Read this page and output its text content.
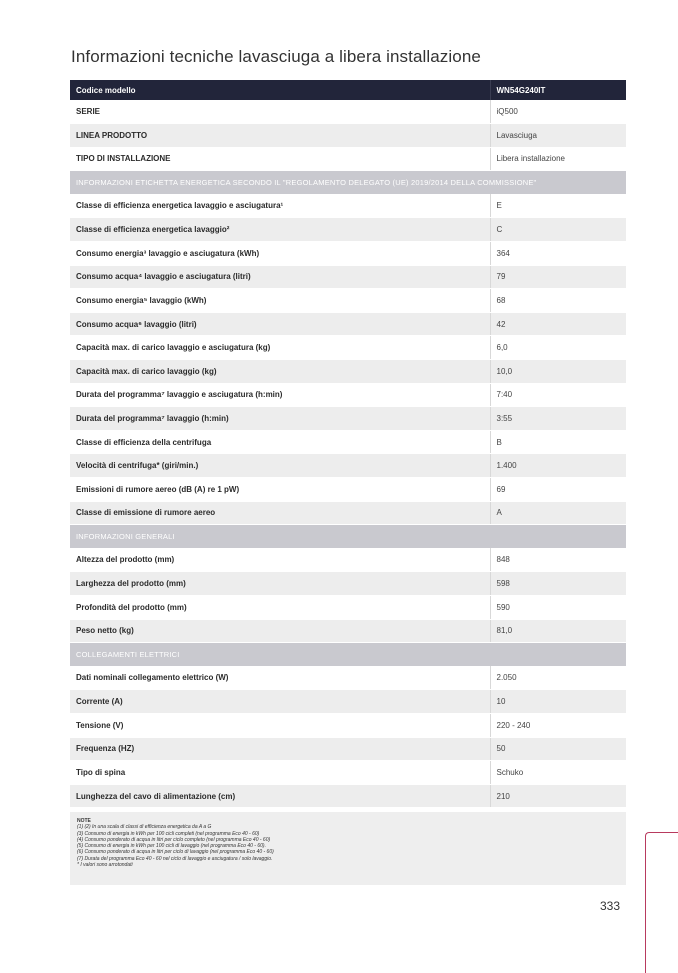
Informazioni tecniche lavasciuga a libera installazione
Codice modello	WN54G240IT
SERIE	iQ500
LINEA PRODOTTO	Lavasciuga
TIPO DI INSTALLAZIONE	Libera installazione
INFORMAZIONI ETICHETTA ENERGETICA SECONDO IL "REGOLAMENTO DELEGATO (UE) 2019/2014 DELLA COMMISSIONE"	
Classe di efficienza energetica lavaggio e asciugatura¹	E
Classe di efficienza energetica lavaggio²	C
Consumo energia³ lavaggio e asciugatura (kWh)	364
Consumo acqua⁴ lavaggio e asciugatura (litri)	79
Consumo energia⁵ lavaggio (kWh)	68
Consumo acqua⁶ lavaggio (litri)	42
Capacità max. di carico lavaggio e asciugatura (kg)	6,0
Capacità max. di carico lavaggio (kg)	10,0
Durata del programma⁷ lavaggio e asciugatura (h:min)	7:40
Durata del programma⁷ lavaggio (h:min)	3:55
Classe di efficienza della centrifuga	B
Velocità di centrifuga* (giri/min.)	1.400
Emissioni di rumore aereo (dB (A) re 1 pW)	69
Classe di emissione di rumore aereo	A
INFORMAZIONI GENERALI	
Altezza del prodotto (mm)	848
Larghezza del prodotto (mm)	598
Profondità del prodotto (mm)	590
Peso netto (kg)	81,0
COLLEGAMENTI ELETTRICI	
Dati nominali collegamento elettrico (W)	2.050
Corrente (A)	10
Tensione (V)	220 - 240
Frequenza (HZ)	50
Tipo di spina	Schuko
Lunghezza del cavo di alimentazione (cm)	210
NOTE
(1) (2) In una scala di classi di efficienza energetica da A a G
(3) Consumo di energia in kWh per 100 cicli completi (nel programma Eco 40 - 60)
(4) Consumo ponderato di acqua in litri per ciclo completo (nel programma Eco 40 - 60)
(5) Consumo di energia in kWh per 100 cicli di lavaggio (nel programma Eco 40 - 60).
(6) Consumo ponderato di acqua in litri per ciclo di lavaggio (nel programma Eco 40 - 60)
(7) Durata del programma Eco 40 - 60 nel ciclo di lavaggio e asciugatura / solo lavaggio.
* I valori sono arrotondati
333
